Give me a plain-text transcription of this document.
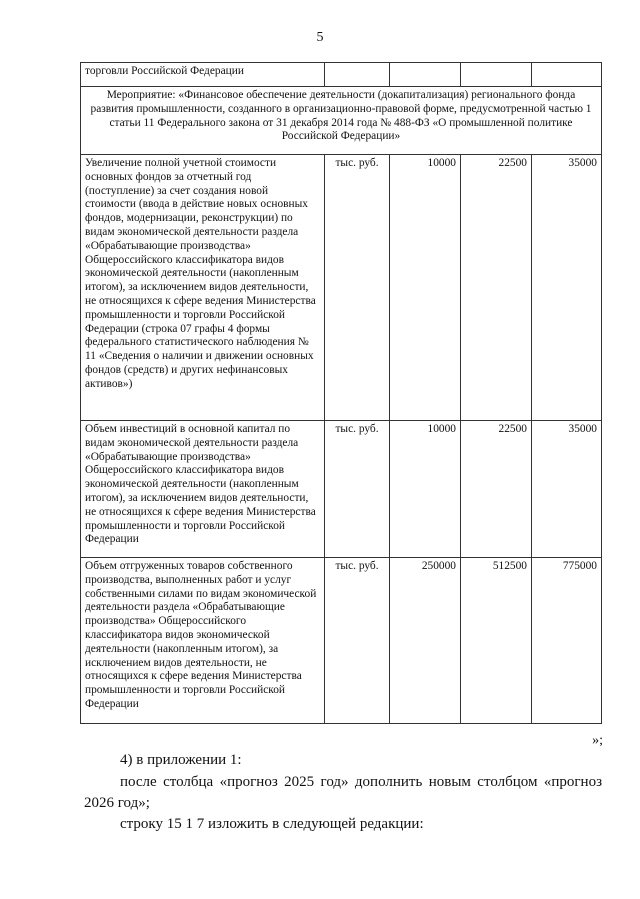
5
торговли Российской Федерации				
Мероприятие: «Финансовое обеспечение деятельности (докапитализация) регионального фонда развития промышленности, созданного в организационно-правовой форме, предусмотренной частью 1 статьи 11 Федерального закона от 31 декабря 2014 года № 488-ФЗ «О промышленной политике Российской Федерации»				
Увеличение полной учетной стоимости основных фондов за отчетный год (поступление) за счет создания новой стоимости (ввода в действие новых основных фондов, модернизации, реконструкции) по видам экономической деятельности раздела «Обрабатывающие производства» Общероссийского классификатора видов экономической деятельности (накопленным итогом), за исключением видов деятельности, не относящихся к сфере ведения Министерства промышленности и торговли Российской Федерации (строка 07 графы 4 формы федерального статистического наблюдения № 11 «Сведения о наличии и движении основных фондов (средств) и других нефинансовых активов»)	тыс. руб.	10000	22500	35000
Объем инвестиций в основной капитал по видам экономической деятельности раздела «Обрабатывающие производства» Общероссийского классификатора видов экономической деятельности (накопленным итогом), за исключением видов деятельности, не относящихся к сфере ведения Министерства промышленности и торговли Российской Федерации	тыс. руб.	10000	22500	35000
Объем отгруженных товаров собственного производства, выполненных работ и услуг собственными силами по видам экономической деятельности раздела «Обрабатывающие производства» Общероссийского классификатора видов экономической деятельности (накопленным итогом), за исключением видов деятельности, не относящихся к сфере ведения Министерства промышленности и торговли Российской Федерации	тыс. руб.	250000	512500	775000
»;
4) в приложении 1:
после столбца «прогноз 2025 год» дополнить новым столбцом «прогноз 2026 год»;
строку 15 1 7 изложить в следующей редакции:
